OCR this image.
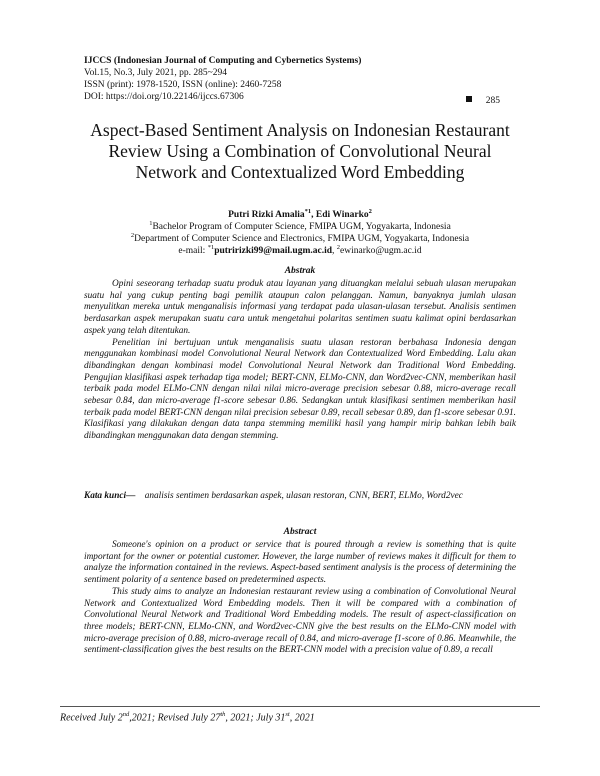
IJCCS (Indonesian Journal of Computing and Cybernetics Systems)
Vol.15, No.3, July 2021, pp. 285~294
ISSN (print): 1978-1520, ISSN (online): 2460-7258
DOI: https://doi.org/10.22146/ijccs.67306	285
Aspect-Based Sentiment Analysis on Indonesian Restaurant
Review Using a Combination of Convolutional Neural
Network and Contextualized Word Embedding
Putri Rizki Amalia$^{*1}$, Edi Winarko$^2$
$^1$Bachelor Program of Computer Science, FMIPA UGM, Yogyakarta, Indonesia
$^2$Department of Computer Science and Electronics, FMIPA UGM, Yogyakarta, Indonesia
e-mail: $^{*1}$putririzki99@mail.ugm.ac.id, $^2$ewinarko@ugm.ac.id
Abstrak

Opini seseorang terhadap suatu produk atau layanan yang dituangkan melalui sebuah ulasan merupakan suatu hal yang cukup penting bagi pemilik ataupun calon pelanggan. Namun, banyaknya jumlah ulasan menyulitkan mereka untuk menganalisis informasi yang terdapat pada ulasan-ulasan tersebut. Analisis sentimen berdasarkan aspek merupakan suatu cara untuk mengetahui polaritas sentimen suatu kalimat opini berdasarkan aspek yang telah ditentukan.

Penelitian ini bertujuan untuk menganalisis suatu ulasan restoran berbahasa Indonesia dengan menggunakan kombinasi model Convolutional Neural Network dan Contextualized Word Embedding. Lalu akan dibandingkan dengan kombinasi model Convolutional Neural Network dan Traditional Word Embedding. Pengujian klasifikasi aspek terhadap tiga model; BERT-CNN, ELMo-CNN, dan Word2vec-CNN, memberikan hasil terbaik pada model ELMo-CNN dengan nilai nilai micro-average precision sebesar 0.88, micro-average recall sebesar 0.84, dan micro-average f1-score sebesar 0.86. Sedangkan untuk klasifikasi sentimen memberikan hasil terbaik pada model BERT-CNN dengan nilai precision sebesar 0.89, recall sebesar 0.89, dan f1-score sebesar 0.91. Klasifikasi yang dilakukan dengan data tanpa stemming memiliki hasil yang hampir mirip bahkan lebih baik dibandingkan menggunakan data dengan stemming.

Kata kunci— analisis sentimen berdasarkan aspek, ulasan restoran, CNN, BERT, ELMo, Word2vec
Abstract

Someone's opinion on a product or service that is poured through a review is something that is quite important for the owner or potential customer. However, the large number of reviews makes it difficult for them to analyze the information contained in the reviews. Aspect-based sentiment analysis is the process of determining the sentiment polarity of a sentence based on predetermined aspects.

This study aims to analyze an Indonesian restaurant review using a combination of Convolutional Neural Network and Contextualized Word Embedding models. Then it will be compared with a combination of Convolutional Neural Network and Traditional Word Embedding models. The result of aspect-classification on three models; BERT-CNN, ELMo-CNN, and Word2vec-CNN give the best results on the ELMo-CNN model with micro-average precision of 0.88, micro-average recall of 0.84, and micro-average f1-score of 0.86. Meanwhile, the sentiment-classification gives the best results on the BERT-CNN model with a precision value of 0.89, a recall

Received July 2nd,2021; Revised July 27th, 2021; July 31st, 2021
